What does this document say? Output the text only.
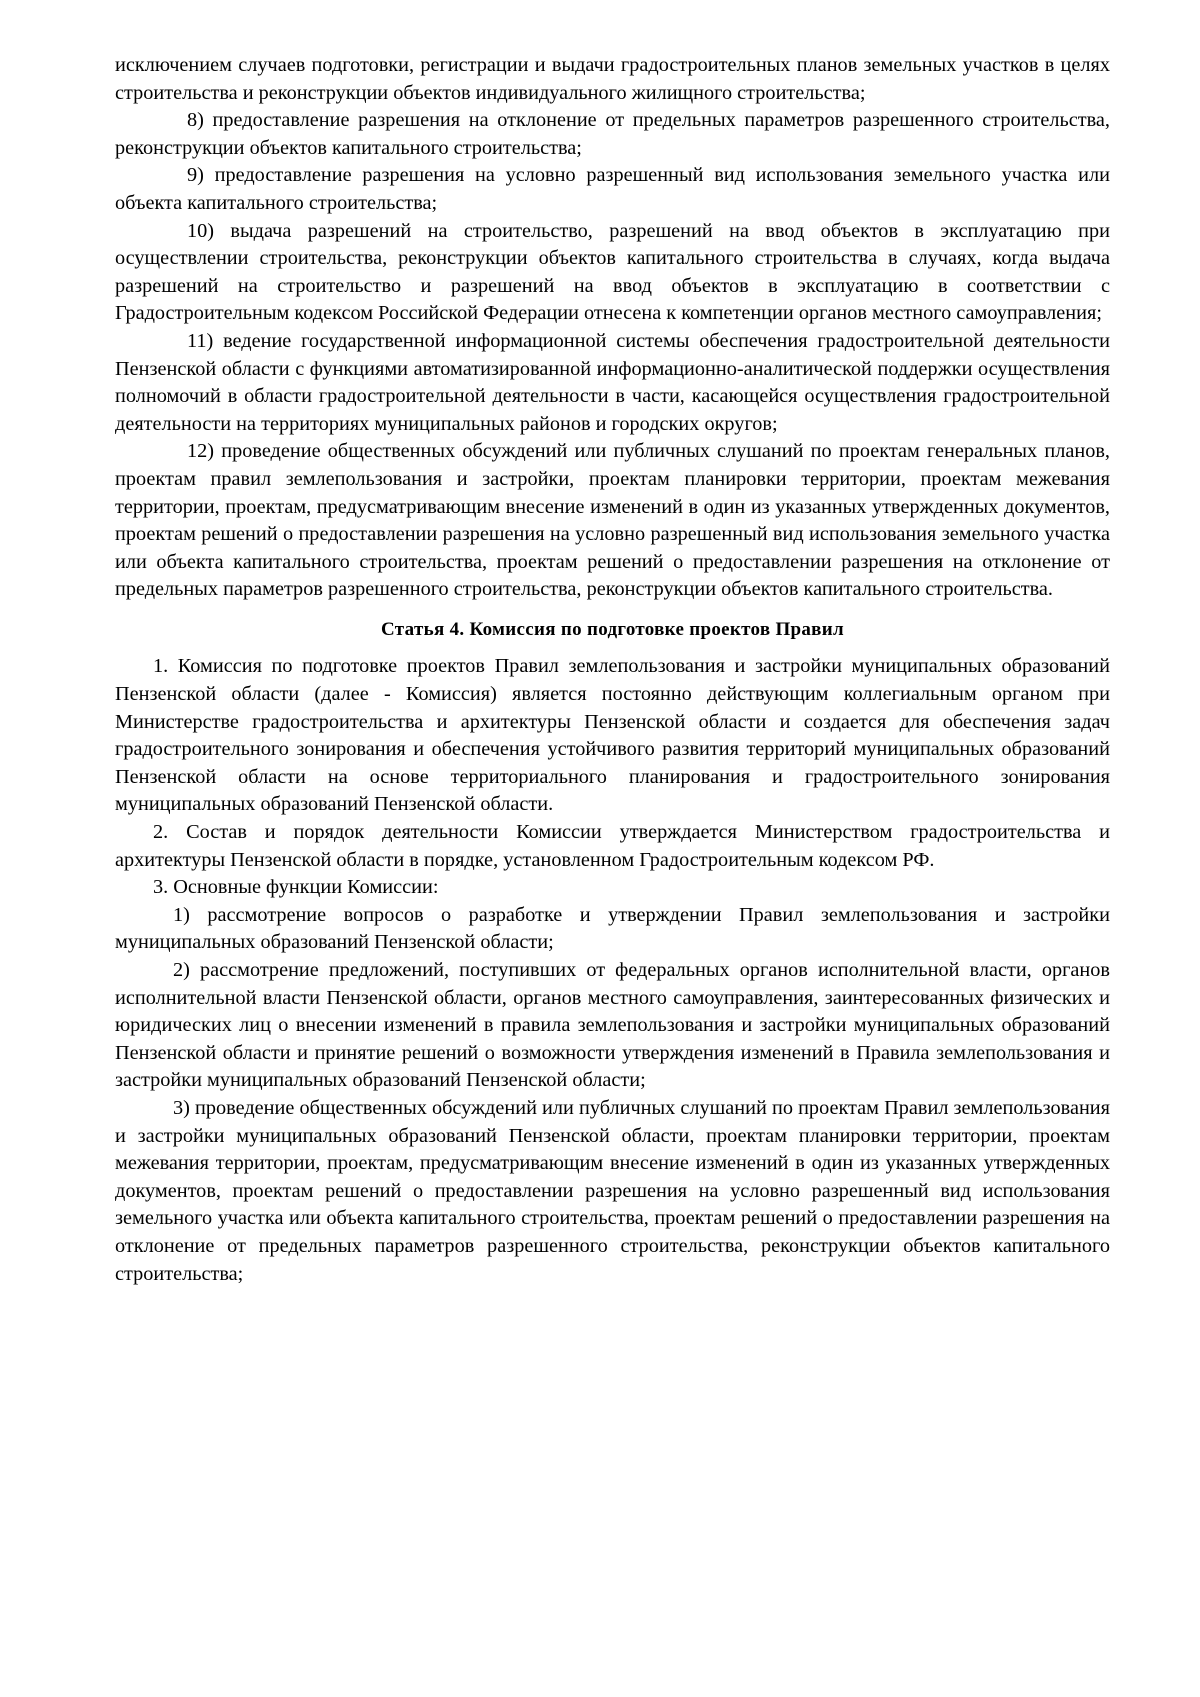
исключением случаев подготовки, регистрации и выдачи градостроительных планов земельных участков в целях строительства и реконструкции объектов индивидуального жилищного строительства;

8) предоставление разрешения на отклонение от предельных параметров разрешенного строительства, реконструкции объектов капитального строительства;

9) предоставление разрешения на условно разрешенный вид использования земельного участка или объекта капитального строительства;

10) выдача разрешений на строительство, разрешений на ввод объектов в эксплуатацию при осуществлении строительства, реконструкции объектов капитального строительства в случаях, когда выдача разрешений на строительство и разрешений на ввод объектов в эксплуатацию в соответствии с Градостроительным кодексом Российской Федерации отнесена к компетенции органов местного самоуправления;

11) ведение государственной информационной системы обеспечения градостроительной деятельности Пензенской области с функциями автоматизированной информационно-аналитической поддержки осуществления полномочий в области градостроительной деятельности в части, касающейся осуществления градостроительной деятельности на территориях муниципальных районов и городских округов;

12) проведение общественных обсуждений или публичных слушаний по проектам генеральных планов, проектам правил землепользования и застройки, проектам планировки территории, проектам межевания территории, проектам, предусматривающим внесение изменений в один из указанных утвержденных документов, проектам решений о предоставлении разрешения на условно разрешенный вид использования земельного участка или объекта капитального строительства, проектам решений о предоставлении разрешения на отклонение от предельных параметров разрешенного строительства, реконструкции объектов капитального строительства.

Статья 4. Комиссия по подготовке проектов Правил

1. Комиссия по подготовке проектов Правил землепользования и застройки муниципальных образований Пензенской области (далее - Комиссия) является постоянно действующим коллегиальным органом при Министерстве градостроительства и архитектуры Пензенской области и создается для обеспечения задач градостроительного зонирования и обеспечения устойчивого развития территорий муниципальных образований Пензенской области на основе территориального планирования и градостроительного зонирования муниципальных образований Пензенской области.

2. Состав и порядок деятельности Комиссии утверждается Министерством градостроительства и архитектуры Пензенской области в порядке, установленном Градостроительным кодексом РФ.

3. Основные функции Комиссии:

1) рассмотрение вопросов о разработке и утверждении Правил землепользования и застройки муниципальных образований Пензенской области;

2) рассмотрение предложений, поступивших от федеральных органов исполнительной власти, органов исполнительной власти Пензенской области, органов местного самоуправления, заинтересованных физических и юридических лиц о внесении изменений в правила землепользования и застройки муниципальных образований Пензенской области и принятие решений о возможности утверждения изменений в Правила землепользования и застройки муниципальных образований Пензенской области;

3) проведение общественных обсуждений или публичных слушаний по проектам Правил землепользования и застройки муниципальных образований Пензенской области, проектам планировки территории, проектам межевания территории, проектам, предусматривающим внесение изменений в один из указанных утвержденных документов, проектам решений о предоставлении разрешения на условно разрешенный вид использования земельного участка или объекта капитального строительства, проектам решений о предоставлении разрешения на отклонение от предельных параметров разрешенного строительства, реконструкции объектов капитального строительства;
